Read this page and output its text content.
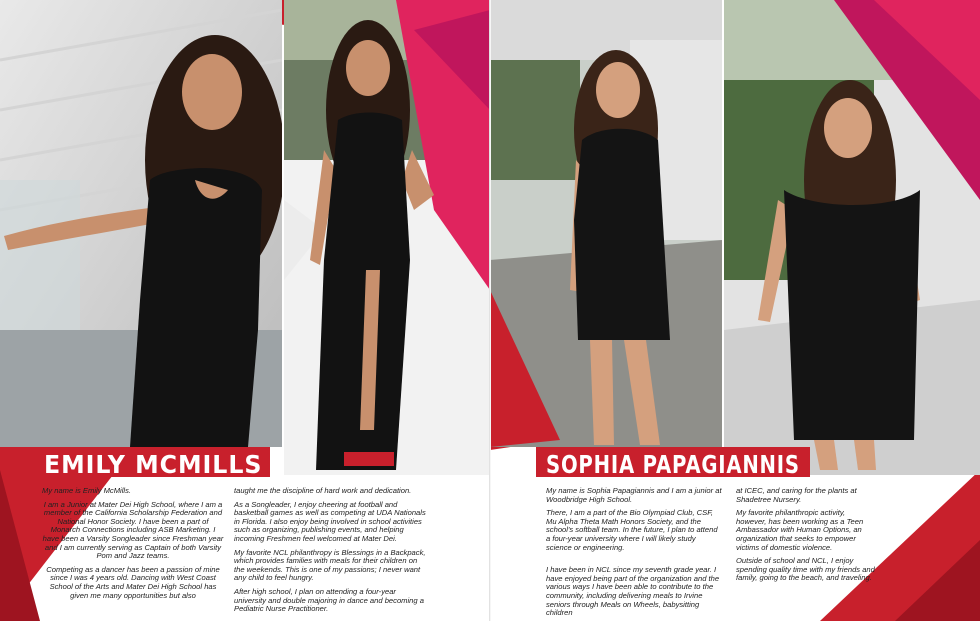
EMILY MCMILLS

My name is Emily McMills.

I am a Junior at Mater Dei High School, where I am a member of the California Scholarship Federation and National Honor Society. I have been a part of Monarch Connections including ASB Marketing. I have been a Varsity Songleader since Freshman year and I am currently serving as Captain of both Varsity Pom and Jazz teams.

Competing as a dancer has been a passion of mine since I was 4 years old. Dancing with West Coast School of the Arts and Mater Dei High School has given me many opportunities but also

taught me the discipline of hard work and dedication.

As a Songleader, I enjoy cheering at football and basketball games as well as competing at UDA Nationals in Florida. I also enjoy being involved in school activities such as organizing, publishing events, and helping incoming Freshmen feel welcomed at Mater Dei.

My favorite NCL philanthropy is Blessings in a Backpack, which provides families with meals for their children on the weekends. This is one of my passions; I never want any child to feel hungry.

After high school, I plan on attending a four-year university and double majoring in dance and becoming a Pediatric Nurse Practitioner.

SOPHIA PAPAGIANNIS

My name is Sophia Papagiannis and I am a junior at Woodbridge High School.

There, I am a part of the Bio Olympiad Club, CSF, Mu Alpha Theta Math Honors Society, and the school's softball team. In the future, I plan to attend a four-year university where I will likely study science or engineering.

I have been in NCL since my seventh grade year. I have enjoyed being part of the organization and the various ways I have been able to contribute to the community, including delivering meals to Irvine seniors through Meals on Wheels, babysitting children

at ICEC, and caring for the plants at Shadetree Nursery.

My favorite philanthropic activity, however, has been working as a Teen Ambassador with Human Options, an organization that seeks to empower victims of domestic violence.

Outside of school and NCL, I enjoy spending quality time with my friends and family, going to the beach, and traveling.
